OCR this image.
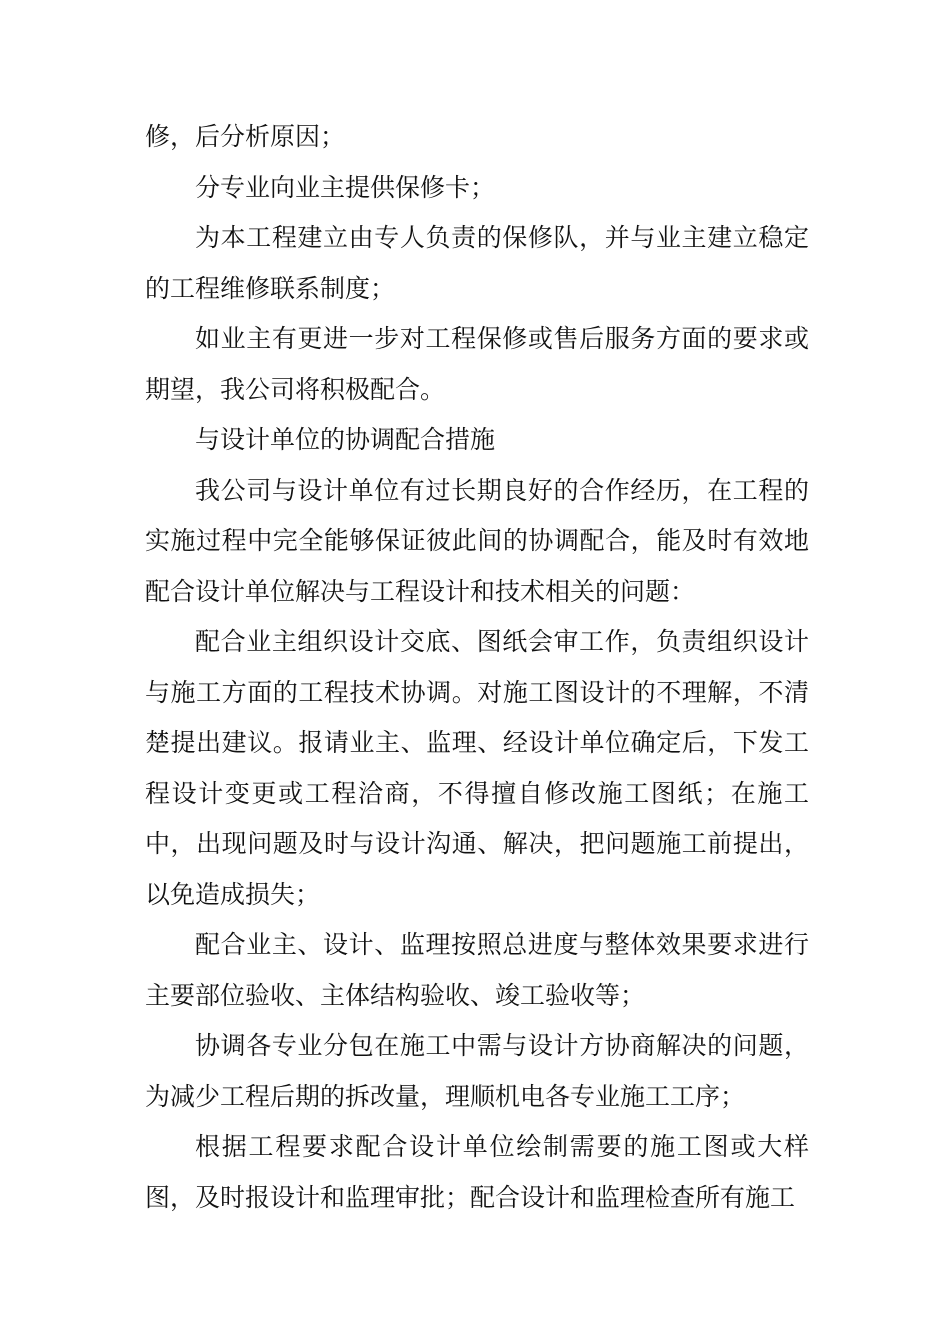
修，后分析原因；

分专业向业主提供保修卡；

为本工程建立由专人负责的保修队，并与业主建立稳定的工程维修联系制度；

如业主有更进一步对工程保修或售后服务方面的要求或期望，我公司将积极配合。

与设计单位的协调配合措施

我公司与设计单位有过长期良好的合作经历，在工程的实施过程中完全能够保证彼此间的协调配合，能及时有效地配合设计单位解决与工程设计和技术相关的问题：

配合业主组织设计交底、图纸会审工作，负责组织设计与施工方面的工程技术协调。对施工图设计的不理解，不清楚提出建议。报请业主、监理、经设计单位确定后，下发工程设计变更或工程洽商，不得擅自修改施工图纸；在施工中，出现问题及时与设计沟通、解决，把问题施工前提出，以免造成损失；

配合业主、设计、监理按照总进度与整体效果要求进行主要部位验收、主体结构验收、竣工验收等；

协调各专业分包在施工中需与设计方协商解决的问题，为减少工程后期的拆改量，理顺机电各专业施工工序；

根据工程要求配合设计单位绘制需要的施工图或大样图，及时报设计和监理审批；配合设计和监理检查所有施工
